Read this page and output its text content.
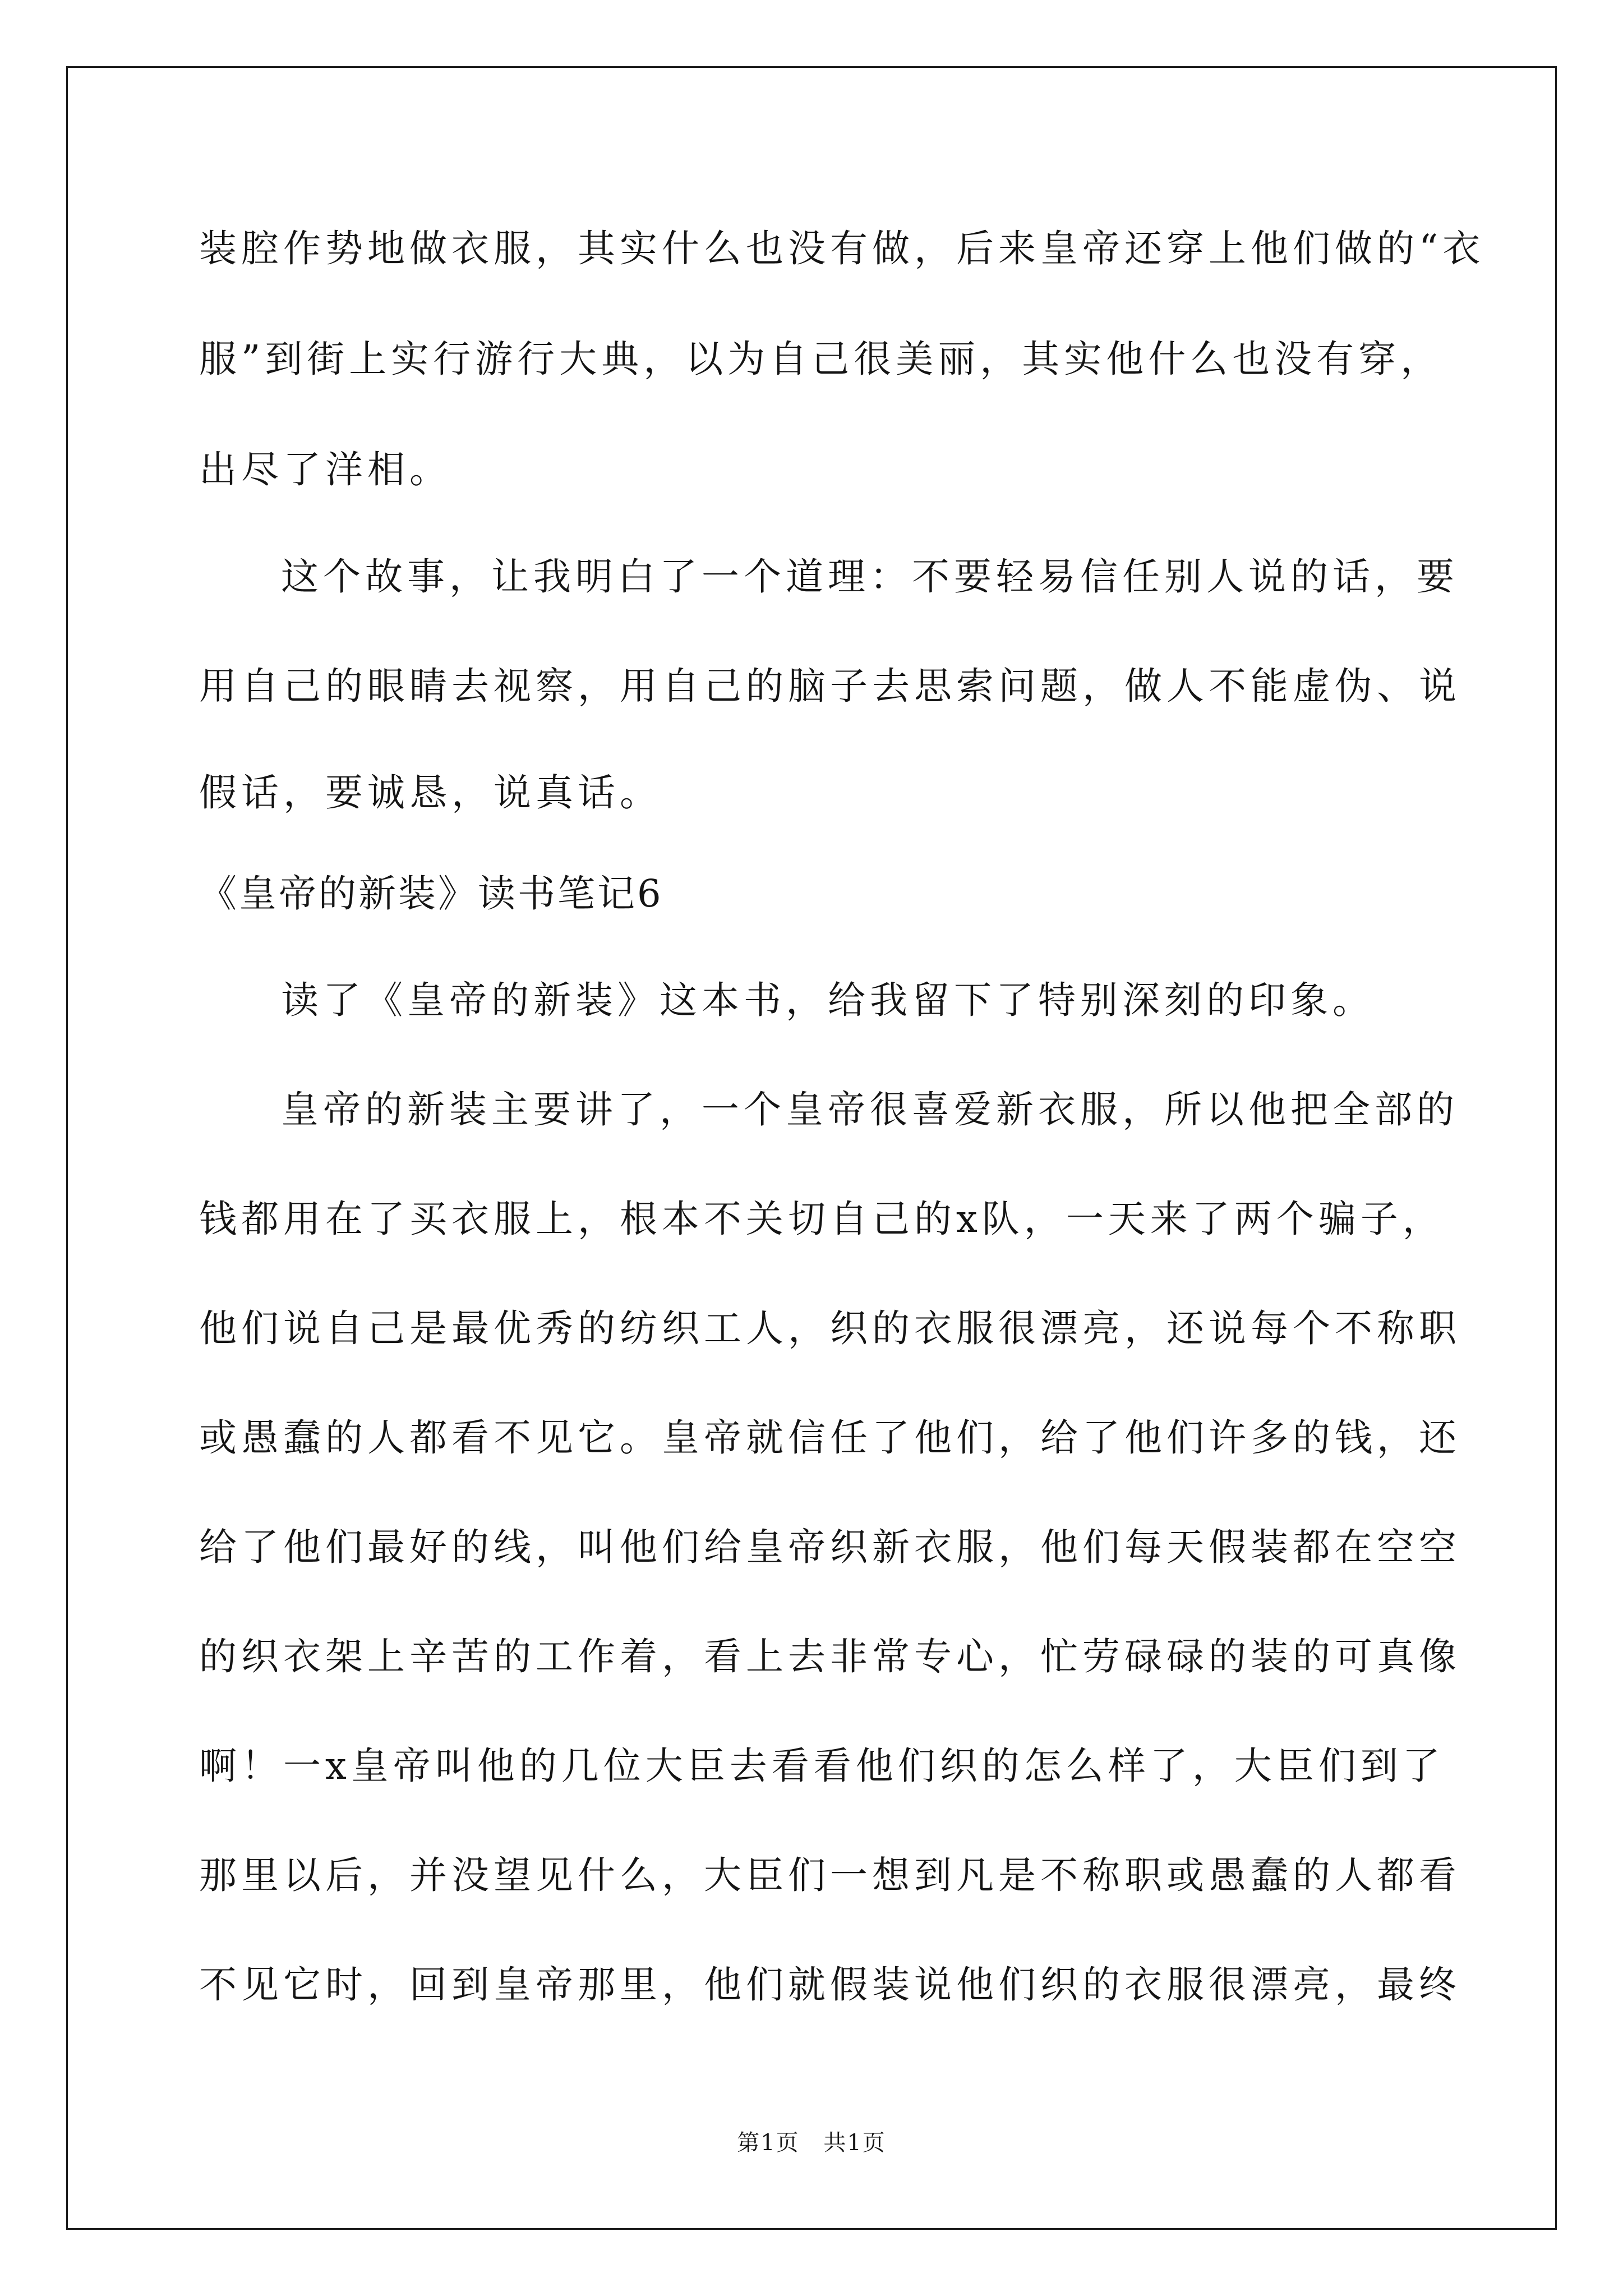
装腔作势地做衣服，其实什么也没有做，后来皇帝还穿上他们做的“衣
服”到街上实行游行大典，以为自己很美丽，其实他什么也没有穿，
出尽了洋相。
这个故事，让我明白了一个道理：不要轻易信任别人说的话，要
用自己的眼睛去视察，用自己的脑子去思索问题，做人不能虚伪、说
假话，要诚恳，说真话。
《皇帝的新装》读书笔记6
读了《皇帝的新装》这本书，给我留下了特别深刻的印象。
皇帝的新装主要讲了，一个皇帝很喜爱新衣服，所以他把全部的
钱都用在了买衣服上，根本不关切自己的x队，一天来了两个骗子，
他们说自己是最优秀的纺织工人，织的衣服很漂亮，还说每个不称职
或愚蠢的人都看不见它。皇帝就信任了他们，给了他们许多的钱，还
给了他们最好的线，叫他们给皇帝织新衣服，他们每天假装都在空空
的织衣架上辛苦的工作着，看上去非常专心，忙劳碌碌的装的可真像
啊！一x皇帝叫他的几位大臣去看看他们织的怎么样了，大臣们到了
那里以后，并没望见什么，大臣们一想到凡是不称职或愚蠢的人都看
不见它时，回到皇帝那里，他们就假装说他们织的衣服很漂亮，最终
第1页 共1页
